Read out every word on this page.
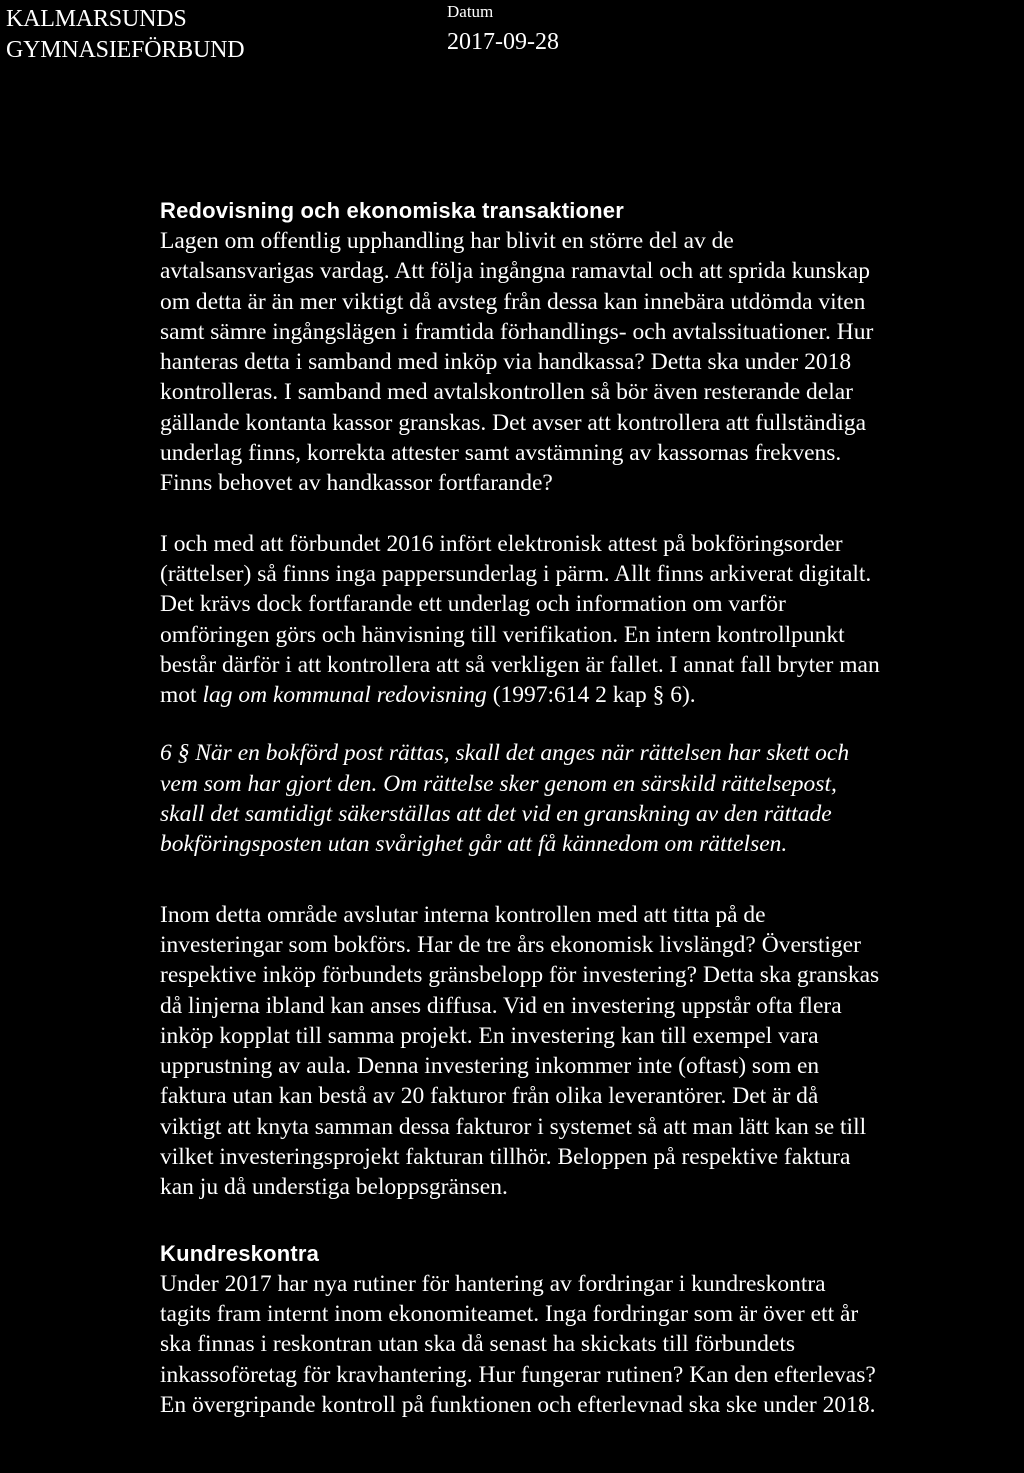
KALMARSUNDS
GYMNASIEFÖRBUND
Datum
2017-09-28
Redovisning och ekonomiska transaktioner

Lagen om offentlig upphandling har blivit en större del av de
avtalsansvarigas vardag. Att följa ingångna ramavtal och att sprida kunskap
om detta är än mer viktigt då avsteg från dessa kan innebära utdömda viten
samt sämre ingångslägen i framtida förhandlings- och avtalssituationer. Hur
hanteras detta i samband med inköp via handkassa? Detta ska under 2018
kontrolleras. I samband med avtalskontrollen så bör även resterande delar
gällande kontanta kassor granskas. Det avser att kontrollera att fullständiga
underlag finns, korrekta attester samt avstämning av kassornas frekvens.
Finns behovet av handkassor fortfarande?

I och med att förbundet 2016 infört elektronisk attest på bokföringsorder
(rättelser) så finns inga pappersunderlag i pärm. Allt finns arkiverat digitalt.
Det krävs dock fortfarande ett underlag och information om varför
omföringen görs och hänvisning till verifikation. En intern kontrollpunkt
består därför i att kontrollera att så verkligen är fallet. I annat fall bryter man
mot lag om kommunal redovisning (1997:614 2 kap § 6).

6 § När en bokförd post rättas, skall det anges när rättelsen har skett och
vem som har gjort den. Om rättelse sker genom en särskild rättelsepost,
skall det samtidigt säkerställas att det vid en granskning av den rättade
bokföringsposten utan svårighet går att få kännedom om rättelsen.

Inom detta område avslutar interna kontrollen med att titta på de
investeringar som bokförs. Har de tre års ekonomisk livslängd? Överstiger
respektive inköp förbundets gränsbelopp för investering? Detta ska granskas
då linjerna ibland kan anses diffusa. Vid en investering uppstår ofta flera
inköp kopplat till samma projekt. En investering kan till exempel vara
upprustning av aula. Denna investering inkommer inte (oftast) som en
faktura utan kan bestå av 20 fakturor från olika leverantörer. Det är då
viktigt att knyta samman dessa fakturor i systemet så att man lätt kan se till
vilket investeringsprojekt fakturan tillhör. Beloppen på respektive faktura
kan ju då understiga beloppsgränsen.

Kundreskontra

Under 2017 har nya rutiner för hantering av fordringar i kundreskontra
tagits fram internt inom ekonomiteamet. Inga fordringar som är över ett år
ska finnas i reskontran utan ska då senast ha skickats till förbundets
inkassoföretag för kravhantering. Hur fungerar rutinen? Kan den efterlevas?
En övergripande kontroll på funktionen och efterlevnad ska ske under 2018.
